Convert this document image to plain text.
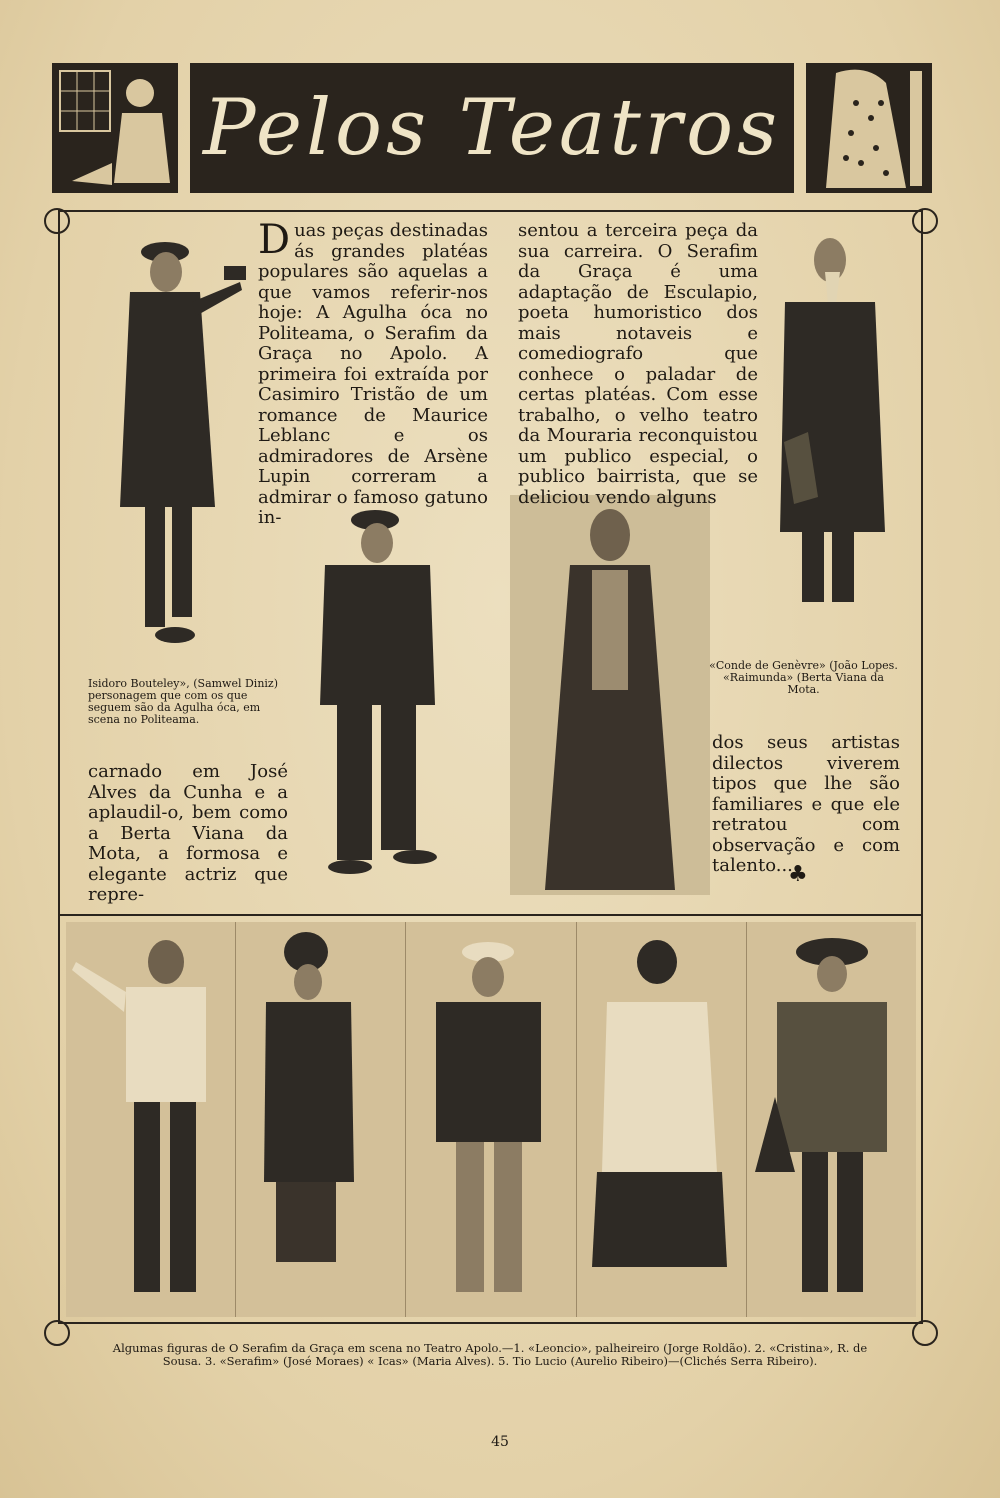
Pelos Teatros
Duas peças destinadas ás grandes platéas populares são aquelas a que vamos referir-nos hoje: A Agulha óca no Politeama, o Serafim da Graça no Apolo. A primeira foi extraída por Casimiro Tristão de um romance de Maurice Leblanc e os admiradores de Arsène Lupin correram a admirar o famoso gatuno in-

sentou a terceira peça da sua carreira. O Serafim da Graça é uma adaptação de Esculapio, poeta humoristico dos mais notaveis e comediografo que conhece o paladar de certas platéas. Com esse trabalho, o velho teatro da Mouraria reconquistou um publico especial, o publico bairrista, que se deliciou vendo alguns

Isidoro Bouteley», (Samwel Diniz) personagem que com os que seguem são da Agulha óca, em scena no Politeama.
«Conde de Genèvre» (João Lopes. «Raimunda» (Berta Viana da Mota.

carnado em José Alves da Cunha e a aplaudil-o, bem como a Berta Viana da Mota, a formosa e elegante actriz que repre-

dos seus artistas dilectos viverem tipos que lhe são familiares e que ele retratou com observação e com talento...

♣
Algumas figuras de O Serafim da Graça em scena no Teatro Apolo.—1. «Leoncio», palheireiro (Jorge Roldão). 2. «Cristina», R. de Sousa. 3. «Serafim» (José Moraes) « Icas» (Maria Alves). 5. Tio Lucio (Aurelio Ribeiro)—(Clichés Serra Ribeiro).
45
